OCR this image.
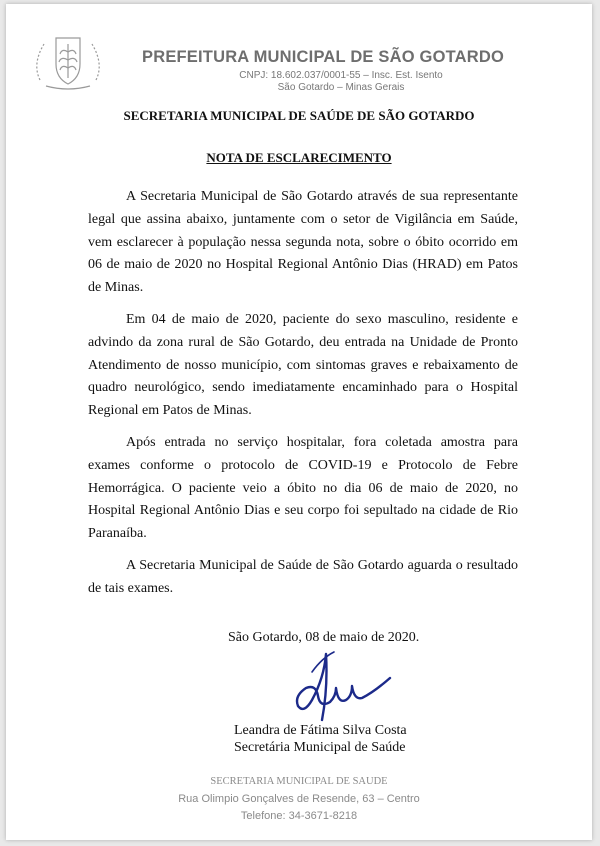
PREFEITURA MUNICIPAL DE SÃO GOTARDO
CNPJ: 18.602.037/0001-55 – Insc. Est. Isento
São Gotardo – Minas Gerais
SECRETARIA MUNICIPAL DE SAÚDE DE SÃO GOTARDO
NOTA DE ESCLARECIMENTO

A Secretaria Municipal de São Gotardo através de sua representante legal que assina abaixo, juntamente com o setor de Vigilância em Saúde, vem esclarecer à população nessa segunda nota, sobre o óbito ocorrido em 06 de maio de 2020 no Hospital Regional Antônio Dias (HRAD) em Patos de Minas.

Em 04 de maio de 2020, paciente do sexo masculino, residente e advindo da zona rural de São Gotardo, deu entrada na Unidade de Pronto Atendimento de nosso município, com sintomas graves e rebaixamento de quadro neurológico, sendo imediatamente encaminhado para o Hospital Regional em Patos de Minas.

Após entrada no serviço hospitalar, fora coletada amostra para exames conforme o protocolo de COVID-19 e Protocolo de Febre Hemorrágica. O paciente veio a óbito no dia 06 de maio de 2020, no Hospital Regional Antônio Dias e seu corpo foi sepultado na cidade de Rio Paranaíba.

A Secretaria Municipal de Saúde de São Gotardo aguarda o resultado de tais exames.

São Gotardo, 08 de maio de 2020.
Leandra de Fátima Silva Costa
Secretária Municipal de Saúde
SECRETARIA MUNICIPAL DE SAUDE
Rua Olimpio Gonçalves de Resende, 63 – Centro
Telefone: 34-3671-8218
